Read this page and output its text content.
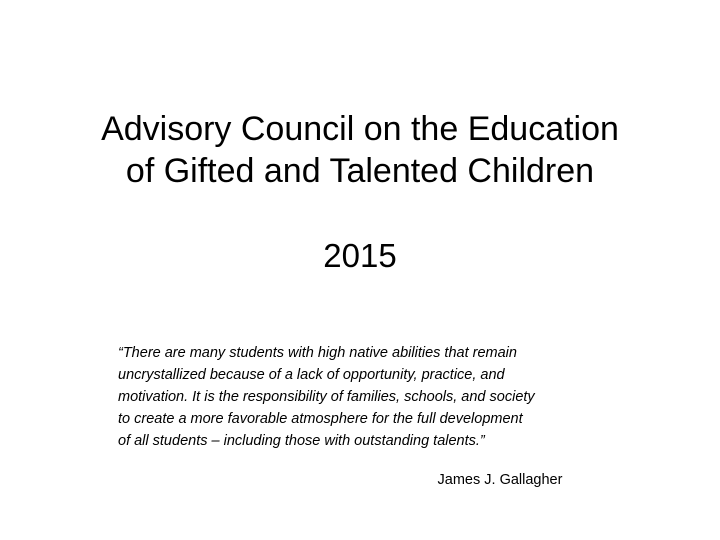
Advisory Council on the Education
of Gifted and Talented Children
2015
“There are many students with high native abilities that remain
uncrystallized because of a lack of opportunity, practice, and
motivation. It is the responsibility of families, schools, and society
to create a more favorable atmosphere for the full development
of all students – including those with outstanding talents.”
James J. Gallagher
